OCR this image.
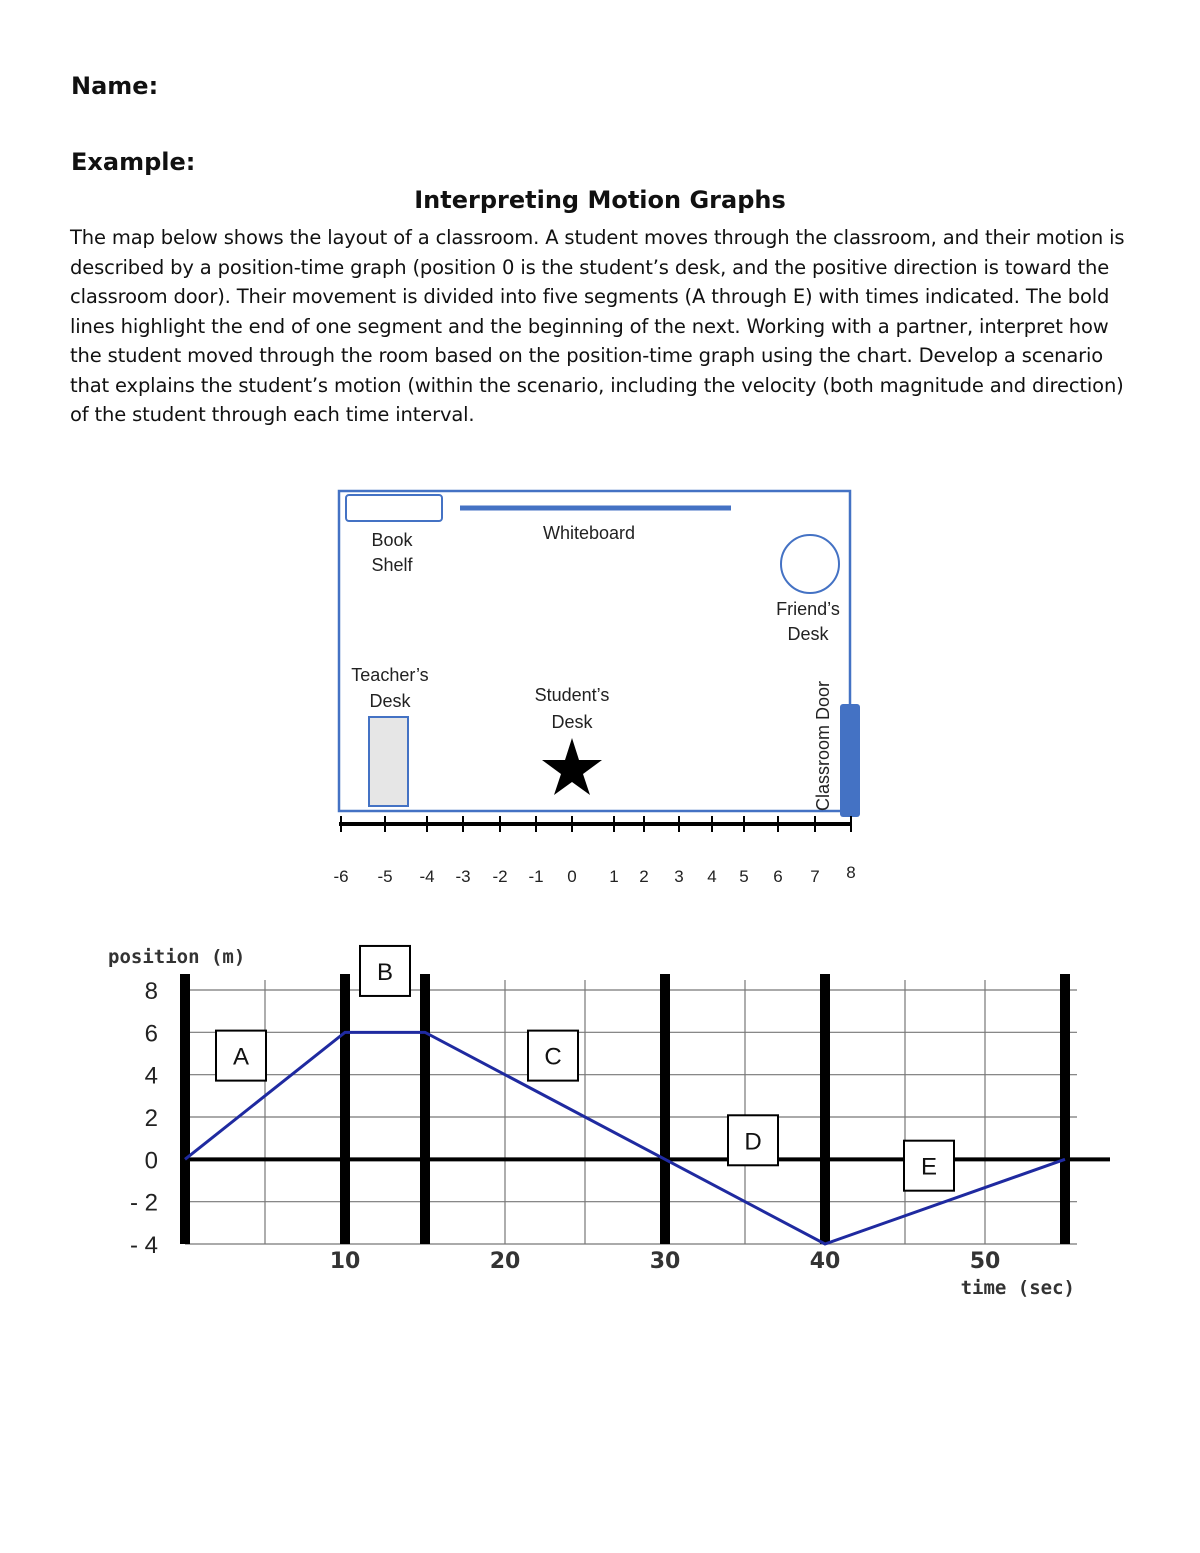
Name:
Example:
Interpreting Motion Graphs

The map below shows the layout of a classroom. A student moves through the classroom, and their motion is described by a position-time graph (position 0 is the student’s desk, and the positive direction is toward the classroom door). Their movement is divided into five segments (A through E) with times indicated. The bold lines highlight the end of one segment and the beginning of the next. Working with a partner, interpret how the student moved through the room based on the position-time graph using the chart. Develop a scenario that explains the student’s motion (within the scenario, including the velocity (both magnitude and direction) of the student through each time interval.

Book
Shelf
Whiteboard
Friend’s
Desk
Teacher’s
Desk	Student’s
Desk	Classroom Door
-6 -5 -4 -3 -2 -1 0 1 2 3 4 5 6 7 8
A
B
C
D
E
8
6
4
2
0
- 2
- 4
10	20	30	40	50
position (m)
time (sec)
